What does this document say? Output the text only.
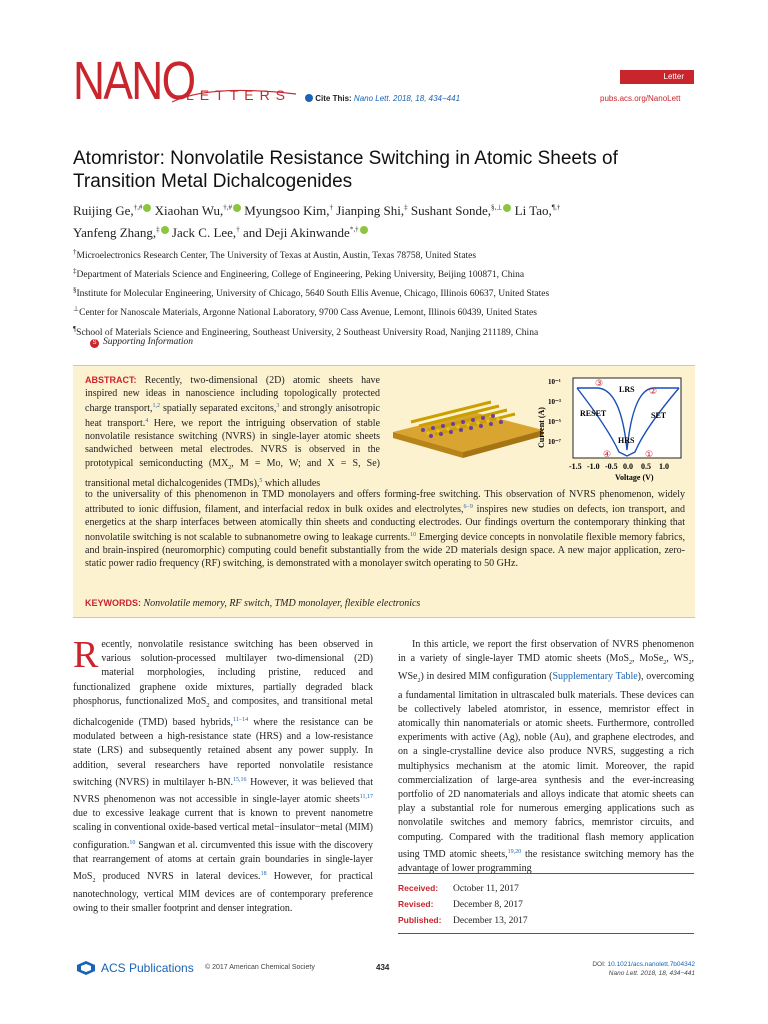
NANO
LETTERS	Cite This: Nano Lett. 2018, 18, 434−441
Letter
pubs.acs.org/NanoLett
Atomristor: Nonvolatile Resistance Switching in Atomic Sheets of Transition Metal Dichalcogenides
Ruijing Ge,†,# Xiaohan Wu,†,# Myungsoo Kim,† Jianping Shi,‡ Sushant Sonde,§,⊥ Li Tao,¶,†
Yanfeng Zhang,‡ Jack C. Lee,† and Deji Akinwande*,†
†Microelectronics Research Center, The University of Texas at Austin, Austin, Texas 78758, United States
‡Department of Materials Science and Engineering, College of Engineering, Peking University, Beijing 100871, China
§Institute for Molecular Engineering, University of Chicago, 5640 South Ellis Avenue, Chicago, Illinois 60637, United States
⊥Center for Nanoscale Materials, Argonne National Laboratory, 9700 Cass Avenue, Lemont, Illinois 60439, United States
¶School of Materials Science and Engineering, Southeast University, 2 Southeast University Road, Nanjing 211189, China
S Supporting Information
ABSTRACT: Recently, two-dimensional (2D) atomic sheets have inspired new ideas in nanoscience including topologically protected charge transport,$^{1,2}$ spatially separated excitons,$^3$ and strongly anisotropic heat transport.$^4$ Here, we report the intriguing observation of stable nonvolatile resistance switching (NVRS) in single-layer atomic sheets sandwiched between metal electrodes. NVRS is observed in the prototypical semiconducting ($MX_2$, M = Mo, W; and X = S, Se) transitional metal dichalcogenides (TMDs),$^5$ which alludes
10⁻¹
10⁻³
10⁻⁵
10⁻⁷
Current (A)
-1.5 -1.0 -0.5 0.0 0.5 1.0
Voltage (V)
LRS
HRS
RESET	SET
③
②
④	①
to the universality of this phenomenon in TMD monolayers and offers forming-free switching. This observation of NVRS phenomenon, widely attributed to ionic diffusion, filament, and interfacial redox in bulk oxides and electrolytes,$^{6-9}$ inspires new studies on defects, ion transport, and energetics at the sharp interfaces between atomically thin sheets and conducting electrodes. Our findings overturn the contemporary thinking that nonvolatile switching is not scalable to subnanometre owing to leakage currents.$^{10}$ Emerging device concepts in nonvolatile flexible memory fabrics, and brain-inspired (neuromorphic) computing could benefit substantially from the wide 2D materials design space. A new major application, zero-static power radio frequency (RF) switching, is demonstrated with a monolayer switch operating to 50 GHz.
KEYWORDS: Nonvolatile memory, RF switch, TMD monolayer, flexible electronics
Recently, nonvolatile resistance switching has been observed in various solution-processed multilayer two-dimensional (2D) material morphologies, including pristine, reduced and functionalized graphene oxide mixtures, partially degraded black phosphorus, functionalized MoS$_2$ and composites, and transitional metal dichalcogenide (TMD) based hybrids,$^{11-14}$ where the resistance can be modulated between a high-resistance state (HRS) and a low-resistance state (LRS) and subsequently retained absent any power supply. In addition, several researchers have reported nonvolatile resistance switching (NVRS) in multilayer h-BN.$^{15,16}$ However, it was believed that NVRS phenomenon was not accessible in single-layer atomic sheets$^{11,17}$ due to excessive leakage current that is known to prevent nanometre scaling in conventional oxide-based vertical metal−insulator−metal (MIM) configuration.$^{10}$ Sangwan et al. circumvented this issue with the discovery that rearrangement of atoms at certain grain boundaries in single-layer MoS$_2$ produced NVRS in lateral devices.$^{18}$ However, for practical nanotechnology, vertical MIM devices are of contemporary preference owing to their smaller footprint and denser integration.
In this article, we report the first observation of NVRS phenomenon in a variety of single-layer TMD atomic sheets (MoS$_2$, MoSe$_2$, $WS_2$, WSe$_2$) in desired MIM configuration (Supplementary Table), overcoming a fundamental limitation in ultrascaled bulk materials. These devices can be collectively labeled atomristor, in essence, memristor effect in atomically thin nanomaterials or atomic sheets. Furthermore, controlled experiments with active (Ag), noble (Au), and graphene electrodes, and on a single-crystalline device also produce NVRS, suggesting a rich multiphysics mechanism at the atomic limit. Moreover, the rapid commercialization of large-area synthesis and the ever-increasing portfolio of 2D nanomaterials and alloys indicate that atomic sheets can play a substantial role for numerous emerging applications such as nonvolatile switches and memory fabrics, memristor circuits, and computing. Compared with the traditional flash memory application using TMD atomic sheets,$^{19,20}$ the resistance switching memory has the advantage of lower programming
Received: October 11, 2017
Revised: December 8, 2017
Published: December 13, 2017
ACS Publications © 2017 American Chemical Society	434	DOI: 10.1021/acs.nanolett.7b04342
Nano Lett. 2018, 18, 434−441
